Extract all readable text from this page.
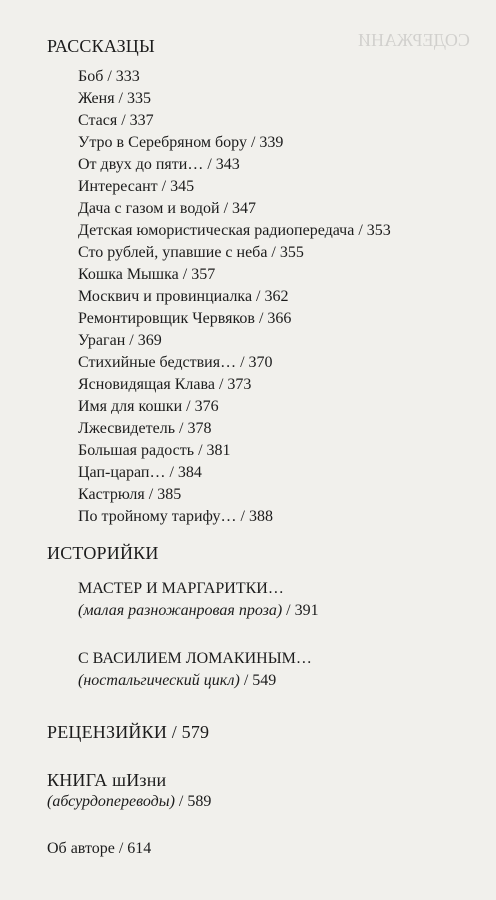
СОДЕРЖАНИ
РАССКАЗЦЫ
Боб / 333
Женя / 335
Стася / 337
Утро в Серебряном бору / 339
От двух до пяти… / 343
Интересант / 345
Дача с газом и водой / 347
Детская юмористическая радиопередача / 353
Сто рублей, упавшие с неба / 355
Кошка Мышка / 357
Москвич и провинциалка / 362
Ремонтировщик Червяков / 366
Ураган / 369
Стихийные бедствия… / 370
Ясновидящая Клава / 373
Имя для кошки / 376
Лжесвидетель / 378
Большая радость / 381
Цап-царап… / 384
Кастрюля / 385
По тройному тарифу… / 388
ИСТОРИЙКИ
МАСТЕР И МАРГАРИТКИ…
(малая разножанровая проза) / 391
С ВАСИЛИЕМ ЛОМАКИНЫМ…
(ностальгический цикл) / 549
РЕЦЕНЗИЙКИ / 579
КНИГА шИзни
(абсурдопереводы) / 589
Об авторе / 614
